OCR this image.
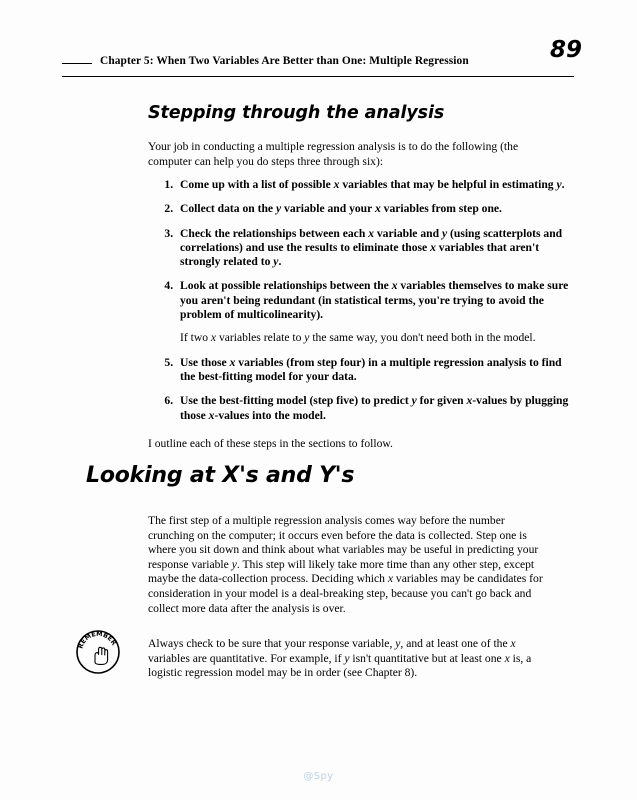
Chapter 5: When Two Variables Are Better than One: Multiple Regression	89
Stepping through the analysis

Your job in conducting a multiple regression analysis is to do the following (the computer can help you do steps three through six):

1. Come up with a list of possible x variables that may be helpful in estimating y.
2. Collect data on the y variable and your x variables from step one.
3. Check the relationships between each x variable and y (using scatterplots and correlations) and use the results to eliminate those x variables that aren't strongly related to y.
4. Look at possible relationships between the x variables themselves to make sure you aren't being redundant (in statistical terms, you're trying to avoid the problem of multicolinearity).

If two x variables relate to y the same way, you don't need both in the model.

5. Use those x variables (from step four) in a multiple regression analysis to find the best-fitting model for your data.
6. Use the best-fitting model (step five) to predict y for given x-values by plugging those x-values into the model.

I outline each of these steps in the sections to follow.

Looking at X's and Y's

The first step of a multiple regression analysis comes way before the number crunching on the computer; it occurs even before the data is collected. Step one is where you sit down and think about what variables may be useful in predicting your response variable y. This step will likely take more time than any other step, except maybe the data-collection process. Deciding which x variables may be candidates for consideration in your model is a deal-breaking step, because you can't go back and collect more data after the analysis is over.

REMEMBER	Always check to be sure that your response variable, y, and at least one of the x variables are quantitative. For example, if y isn't quantitative but at least one x is, a logistic regression model may be in order (see Chapter 8).

@Spy
